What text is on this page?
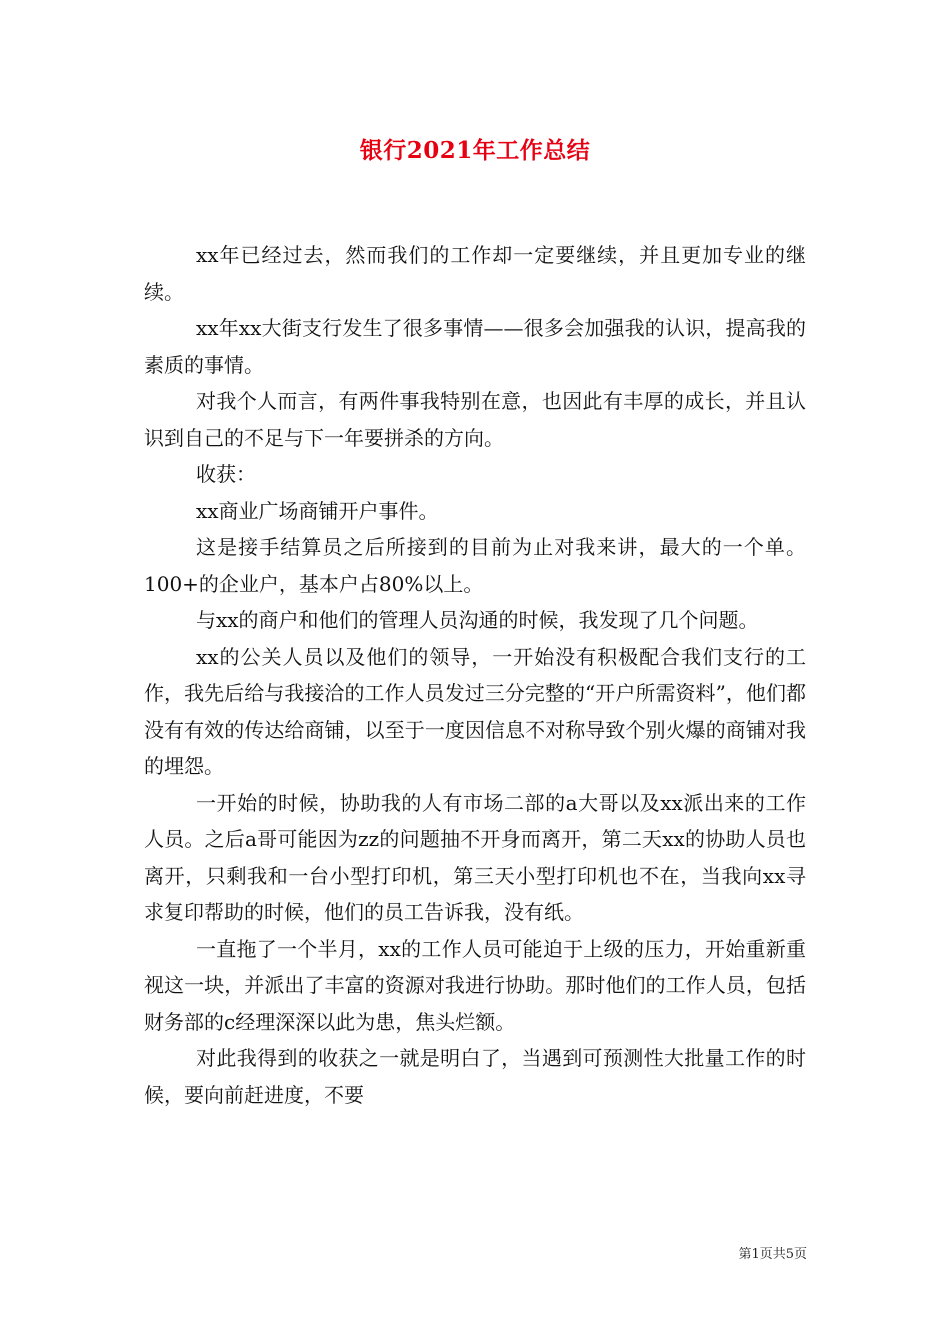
银行2021年工作总结

xx年已经过去，然而我们的工作却一定要继续，并且更加专业的继续。

xx年xx大街支行发生了很多事情——很多会加强我的认识，提高我的素质的事情。

对我个人而言，有两件事我特别在意，也因此有丰厚的成长，并且认识到自己的不足与下一年要拼杀的方向。

收获：

xx商业广场商铺开户事件。

这是接手结算员之后所接到的目前为止对我来讲，最大的一个单。100+的企业户，基本户占80%以上。

与xx的商户和他们的管理人员沟通的时候，我发现了几个问题。

xx的公关人员以及他们的领导，一开始没有积极配合我们支行的工作，我先后给与我接洽的工作人员发过三分完整的“开户所需资料”，他们都没有有效的传达给商铺，以至于一度因信息不对称导致个别火爆的商铺对我的埋怨。

一开始的时候，协助我的人有市场二部的a大哥以及xx派出来的工作人员。之后a哥可能因为zz的问题抽不开身而离开，第二天xx的协助人员也离开，只剩我和一台小型打印机，第三天小型打印机也不在，当我向xx寻求复印帮助的时候，他们的员工告诉我，没有纸。

一直拖了一个半月，xx的工作人员可能迫于上级的压力，开始重新重视这一块，并派出了丰富的资源对我进行协助。那时他们的工作人员，包括财务部的c经理深深以此为患，焦头烂额。

对此我得到的收获之一就是明白了，当遇到可预测性大批量工作的时候，要向前赶进度，不要

第1页共5页
